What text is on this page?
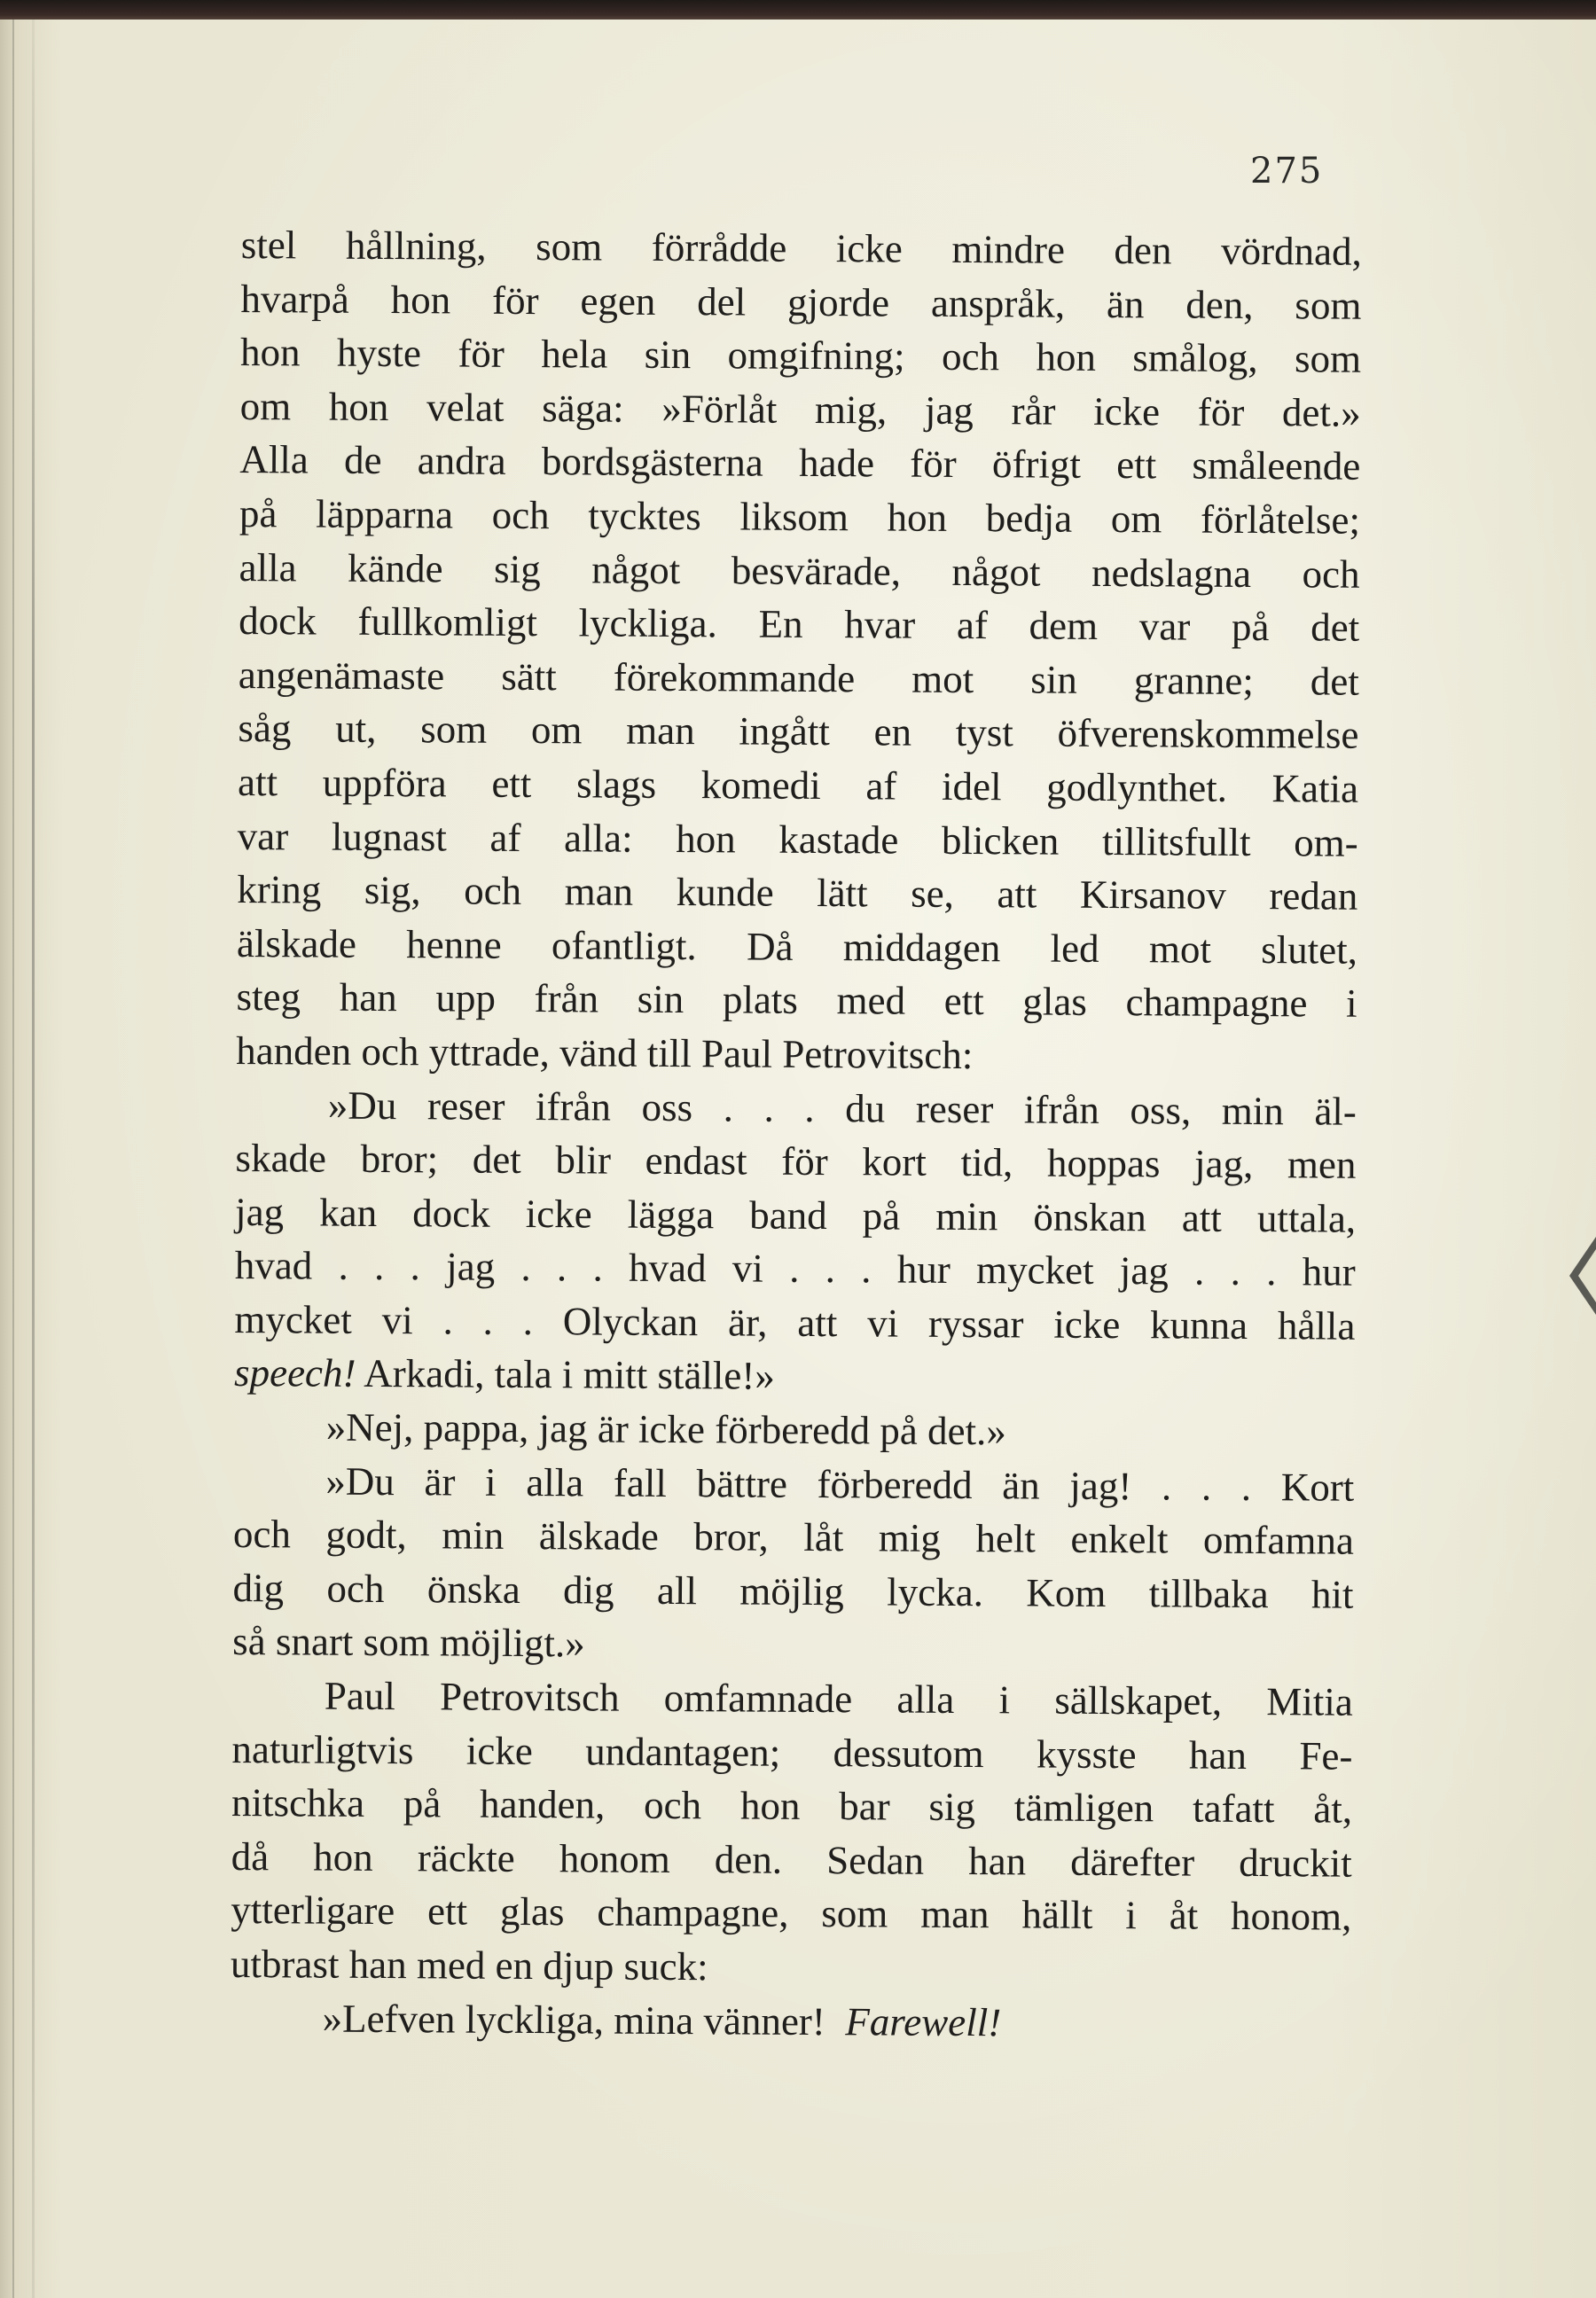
275
stel hållning, som förrådde icke mindre den vördnad,
hvarpå hon för egen del gjorde anspråk, än den, som
hon hyste för hela sin omgifning; och hon smålog, som
om hon velat säga: »Förlåt mig, jag rår icke för det.»
Alla de andra bordsgästerna hade för öfrigt ett småleende
på läpparna och tycktes liksom hon bedja om förlåtelse;
alla kände sig något besvärade, något nedslagna och
dock fullkomligt lyckliga. En hvar af dem var på det
angenämaste sätt förekommande mot sin granne; det
såg ut, som om man ingått en tyst öfverenskommelse
att uppföra ett slags komedi af idel godlynthet. Katia
var lugnast af alla: hon kastade blicken tillitsfullt om-
kring sig, och man kunde lätt se, att Kirsanov redan
älskade henne ofantligt. Då middagen led mot slutet,
steg han upp från sin plats med ett glas champagne i
handen och yttrade, vänd till Paul Petrovitsch:
»Du reser ifrån oss . . . du reser ifrån oss, min äl-
skade bror; det blir endast för kort tid, hoppas jag, men
jag kan dock icke lägga band på min önskan att uttala,
hvad . . . jag . . . hvad vi . . . hur mycket jag . . . hur
mycket vi . . . Olyckan är, att vi ryssar icke kunna hålla
speech! Arkadi, tala i mitt ställe!»
»Nej, pappa, jag är icke förberedd på det.»
»Du är i alla fall bättre förberedd än jag! . . . Kort
och godt, min älskade bror, låt mig helt enkelt omfamna
dig och önska dig all möjlig lycka. Kom tillbaka hit
så snart som möjligt.»
Paul Petrovitsch omfamnade alla i sällskapet, Mitia
naturligtvis icke undantagen; dessutom kysste han Fe-
nitschka på handen, och hon bar sig tämligen tafatt åt,
då hon räckte honom den. Sedan han därefter druckit
ytterligare ett glas champagne, som man hällt i åt honom,
utbrast han med en djup suck:
»Lefven lyckliga, mina vänner! Farewell!
